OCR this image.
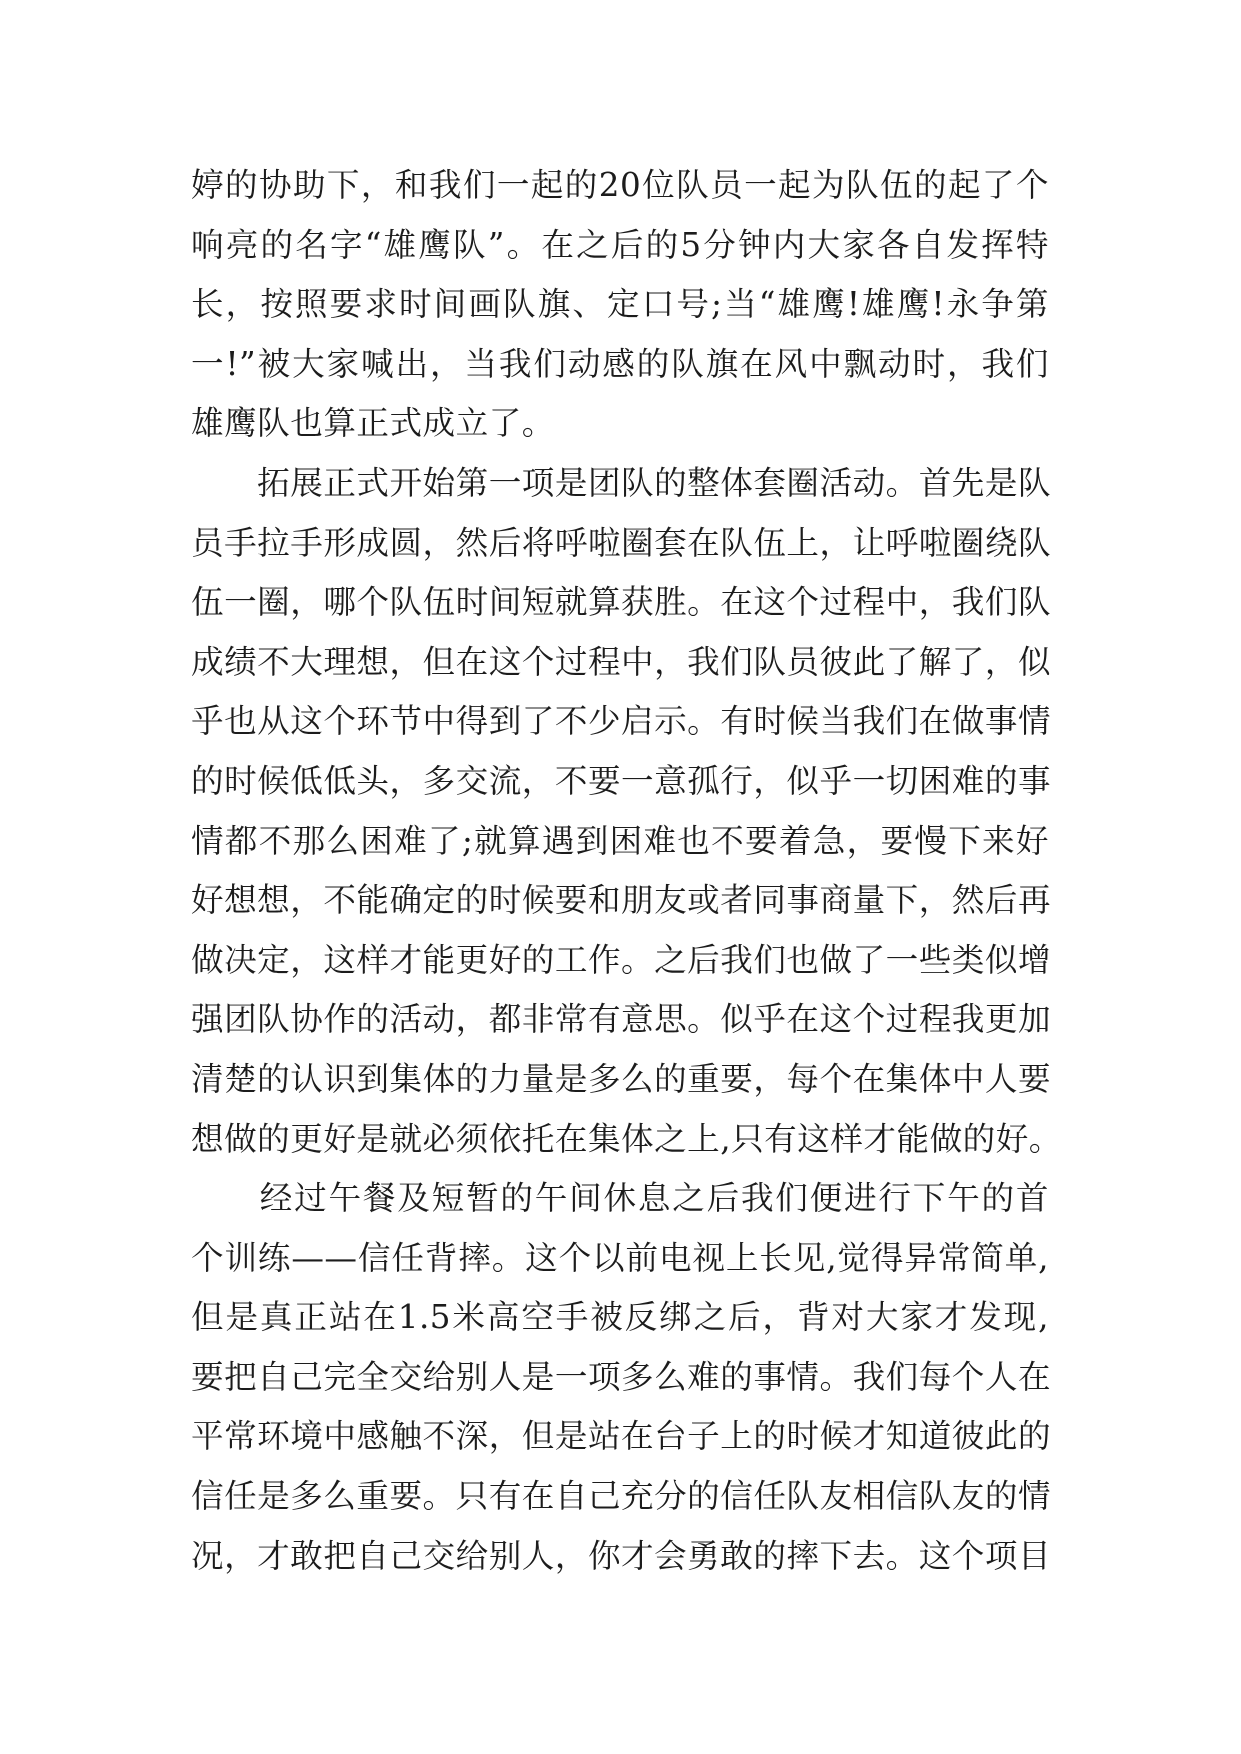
婷的协助下，和我们一起的20位队员一起为队伍的起了个
响亮的名字“雄鹰队”。在之后的5分钟内大家各自发挥特
长，按照要求时间画队旗、定口号;当“雄鹰!雄鹰!永争第
一!”被大家喊出，当我们动感的队旗在风中飘动时，我们
雄鹰队也算正式成立了。
　　拓展正式开始第一项是团队的整体套圈活动。首先是队
员手拉手形成圆，然后将呼啦圈套在队伍上，让呼啦圈绕队
伍一圈，哪个队伍时间短就算获胜。在这个过程中，我们队
成绩不大理想，但在这个过程中，我们队员彼此了解了，似
乎也从这个环节中得到了不少启示。有时候当我们在做事情
的时候低低头，多交流，不要一意孤行，似乎一切困难的事
情都不那么困难了;就算遇到困难也不要着急，要慢下来好
好想想，不能确定的时候要和朋友或者同事商量下，然后再
做决定，这样才能更好的工作。之后我们也做了一些类似增
强团队协作的活动，都非常有意思。似乎在这个过程我更加
清楚的认识到集体的力量是多么的重要，每个在集体中人要
想做的更好是就必须依托在集体之上,只有这样才能做的好。
　　经过午餐及短暂的午间休息之后我们便进行下午的首
个训练——信任背摔。这个以前电视上长见,觉得异常简单,
但是真正站在1.5米高空手被反绑之后，背对大家才发现,
要把自己完全交给别人是一项多么难的事情。我们每个人在
平常环境中感触不深，但是站在台子上的时候才知道彼此的
信任是多么重要。只有在自己充分的信任队友相信队友的情
况，才敢把自己交给别人，你才会勇敢的摔下去。这个项目
